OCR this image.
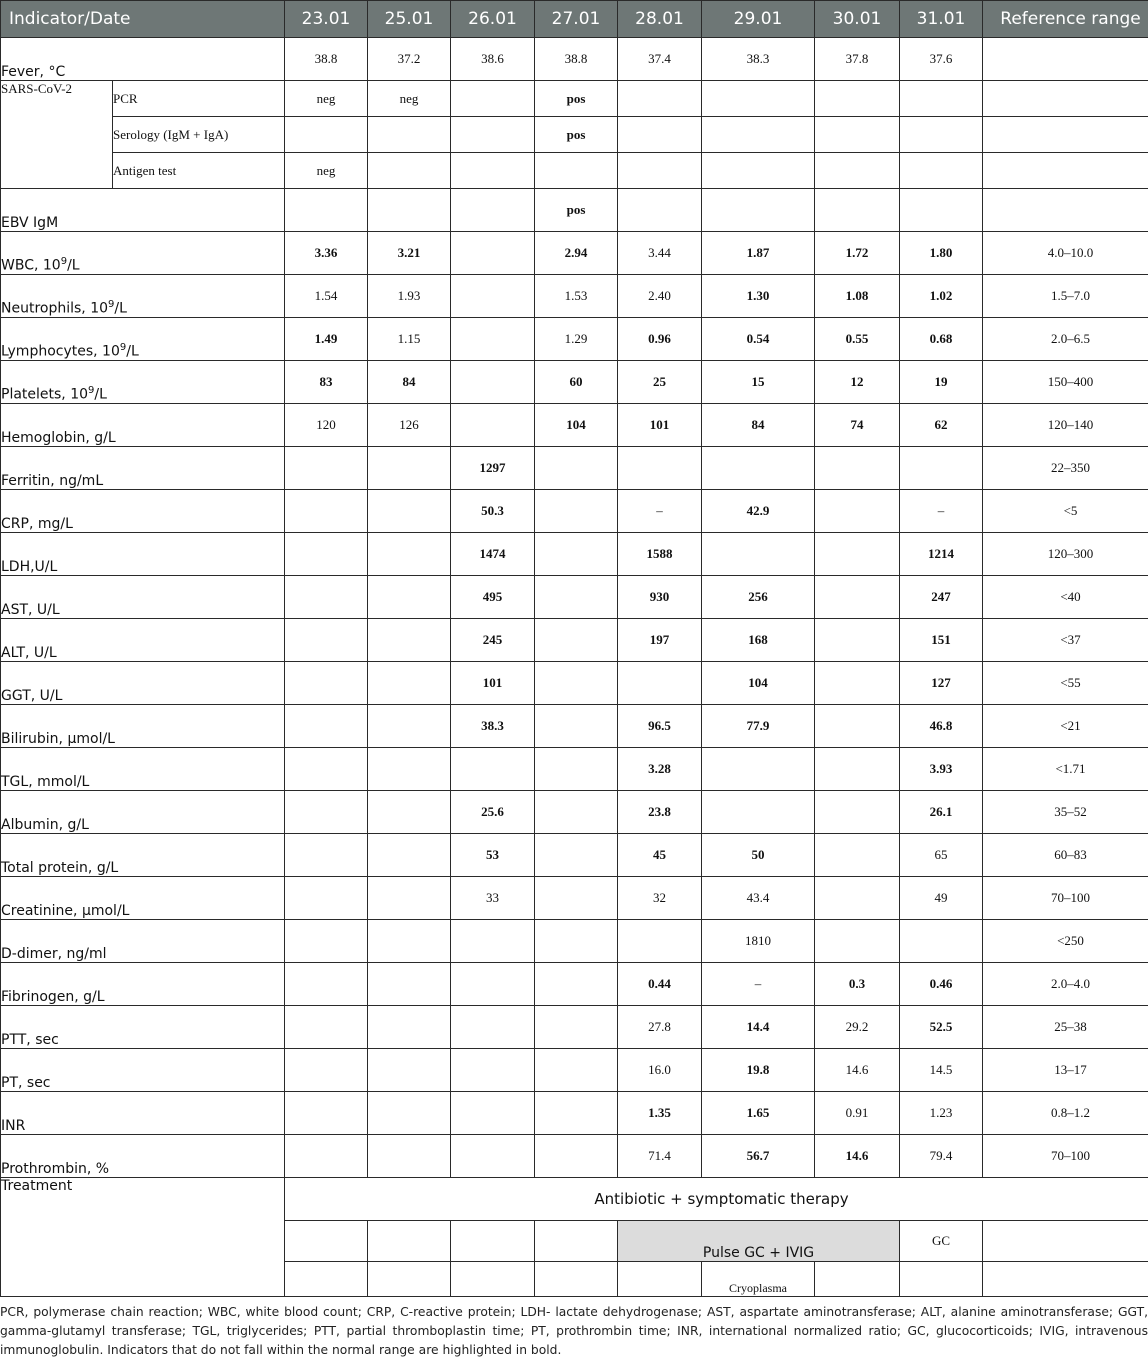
Indicator/Date		23.01	25.01	26.01	27.01	28.01	29.01	30.01	31.01	Reference range
Fever, °C		38.8	37.2	38.6	38.8	37.4	38.3	37.8	37.6	
SARS-CoV-2	PCR	neg	neg		pos					
	Serology (IgM + IgA)				pos					
	Antigen test	neg								
EBV IgM					pos					
WBC, $10^9/L$		3.36	3.21		2.94	3.44	1.87	1.72	1.80	4.0–10.0
Neutrophils, $10^9/L$		1.54	1.93		1.53	2.40	1.30	1.08	1.02	1.5–7.0
Lymphocytes, $10^9/L$		1.49	1.15		1.29	0.96	0.54	0.55	0.68	2.0–6.5
Platelets, $10^9/L$		83	84		60	25	15	12	19	150–400
Hemoglobin, g/L		120	126		104	101	84	74	62	120–140
Ferritin, ng/mL				1297						22–350
CRP, mg/L				50.3		–	42.9		–	<5
LDH,U/L				1474		1588			1214	120–300
AST, U/L				495		930	256		247	<40
ALT, U/L				245		197	168		151	<37
GGT, U/L				101			104		127	<55
Bilirubin, µmol/L				38.3		96.5	77.9		46.8	<21
TGL, mmol/L						3.28			3.93	<1.71
Albumin, g/L				25.6		23.8			26.1	35–52
Total protein, g/L				53		45	50		65	60–83
Creatinine, µmol/L				33		32	43.4		49	70–100
D-dimer, ng/ml							1810			<250
Fibrinogen, g/L						0.44	–	0.3	0.46	2.0–4.0
PTT, sec						27.8	14.4	29.2	52.5	25–38
PT, sec						16.0	19.8	14.6	14.5	13–17
INR						1.35	1.65	0.91	1.23	0.8–1.2
Prothrombin, %						71.4	56.7	14.6	79.4	70–100
Treatment		Antibiotic + symptomatic therapy								
						Pulse GC + IVIG			GC	
							Cryoplasma			

PCR, polymerase chain reaction; WBC, white blood count; CRP, C-reactive protein; LDH- lactate dehydrogenase; AST, aspartate aminotransferase; ALT, alanine aminotransferase; GGT, gamma-glutamyl transferase; TGL, triglycerides; PTT, partial thromboplastin time; PT, prothrombin time; INR, international normalized ratio; GC, glucocorticoids; IVIG, intravenous immunoglobulin. Indicators that do not fall within the normal range are highlighted in bold.
